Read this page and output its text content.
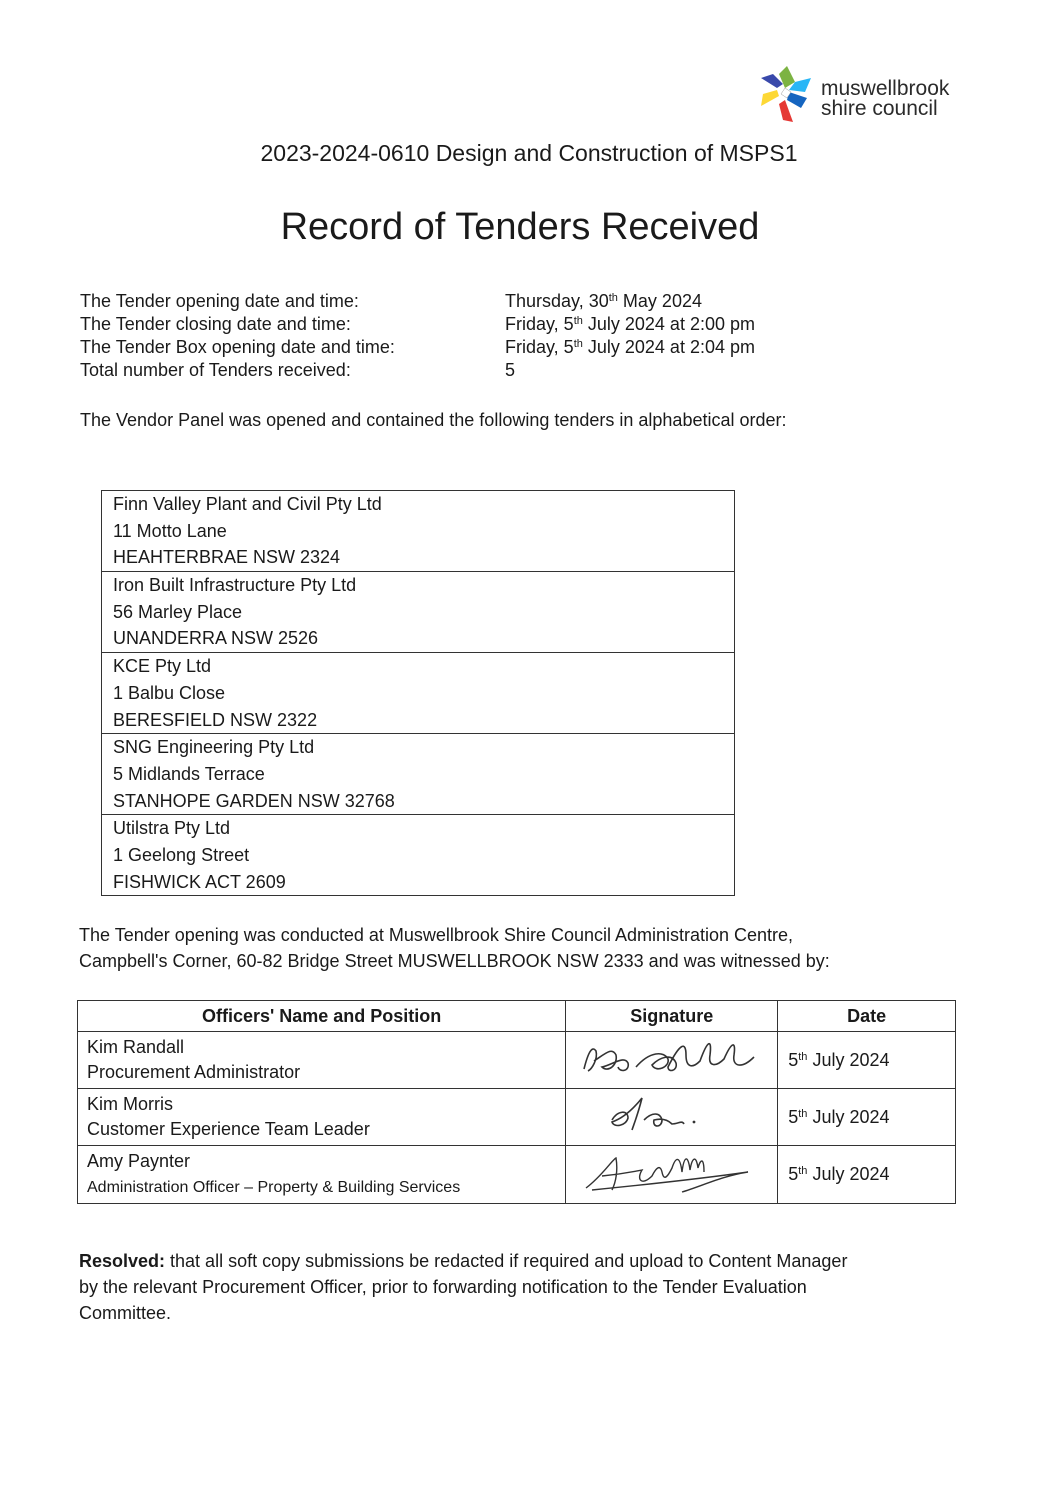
muswellbrook
shire council
2023-2024-0610 Design and Construction of MSPS1
Record of Tenders Received
The Tender opening date and time:	Thursday, 30th May 2024
The Tender closing date and time:	Friday, 5th July 2024 at 2:00 pm
The Tender Box opening date and time:	Friday, 5th July 2024 at 2:04 pm
Total number of Tenders received:	5

The Vendor Panel was opened and contained the following tenders in alphabetical order:

Finn Valley Plant and Civil Pty Ltd
11 Motto Lane
HEAHTERBRAE NSW 2324

Iron Built Infrastructure Pty Ltd
56 Marley Place
UNANDERRA NSW 2526

KCE Pty Ltd
1 Balbu Close
BERESFIELD NSW 2322

SNG Engineering Pty Ltd
5 Midlands Terrace
STANHOPE GARDEN NSW 32768

Utilstra Pty Ltd
1 Geelong Street
FISHWICK ACT 2609

The Tender opening was conducted at Muswellbrook Shire Council Administration Centre,
Campbell's Corner, 60-82 Bridge Street MUSWELLBROOK NSW 2333 and was witnessed by:

Officers' Name and Position	Signature	Date
Kim Randall
Procurement Administrator		5th July 2024
Kim Morris
Customer Experience Team Leader		5th July 2024
Amy Paynter
Administration Officer – Property & Building Services		5th July 2024

Resolved: that all soft copy submissions be redacted if required and upload to Content Manager
by the relevant Procurement Officer, prior to forwarding notification to the Tender Evaluation
Committee.
